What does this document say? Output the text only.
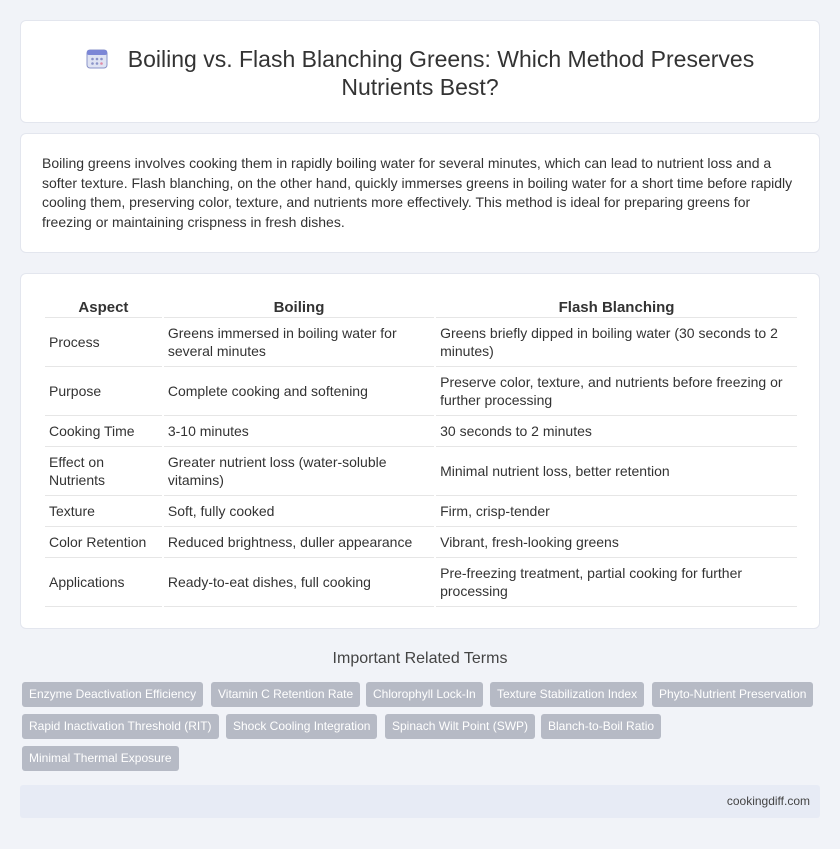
Boiling vs. Flash Blanching Greens: Which Method Preserves
Nutrients Best?

Boiling greens involves cooking them in rapidly boiling water for several minutes, which can lead to nutrient loss and a softer texture. Flash blanching, on the other hand, quickly immerses greens in boiling water for a short time before rapidly cooling them, preserving color, texture, and nutrients more effectively. This method is ideal for preparing greens for freezing or maintaining crispness in fresh dishes.

Aspect	Boiling	Flash Blanching
Process	Greens immersed in boiling water for several minutes	Greens briefly dipped in boiling water (30 seconds to 2 minutes)
Purpose	Complete cooking and softening	Preserve color, texture, and nutrients before freezing or further processing
Cooking Time	3-10 minutes	30 seconds to 2 minutes
Effect on Nutrients	Greater nutrient loss (water-soluble vitamins)	Minimal nutrient loss, better retention
Texture	Soft, fully cooked	Firm, crisp-tender
Color Retention	Reduced brightness, duller appearance	Vibrant, fresh-looking greens
Applications	Ready-to-eat dishes, full cooking	Pre-freezing treatment, partial cooking for further processing
Important Related Terms
Enzyme Deactivation Efficiency	Vitamin C Retention Rate	Chlorophyll Lock-In	Texture Stabilization Index	Phyto-Nutrient Preservation
Rapid Inactivation Threshold (RIT)	Shock Cooling Integration	Spinach Wilt Point (SWP)	Blanch-to-Boil Ratio
Minimal Thermal Exposure
cookingdiff.com
